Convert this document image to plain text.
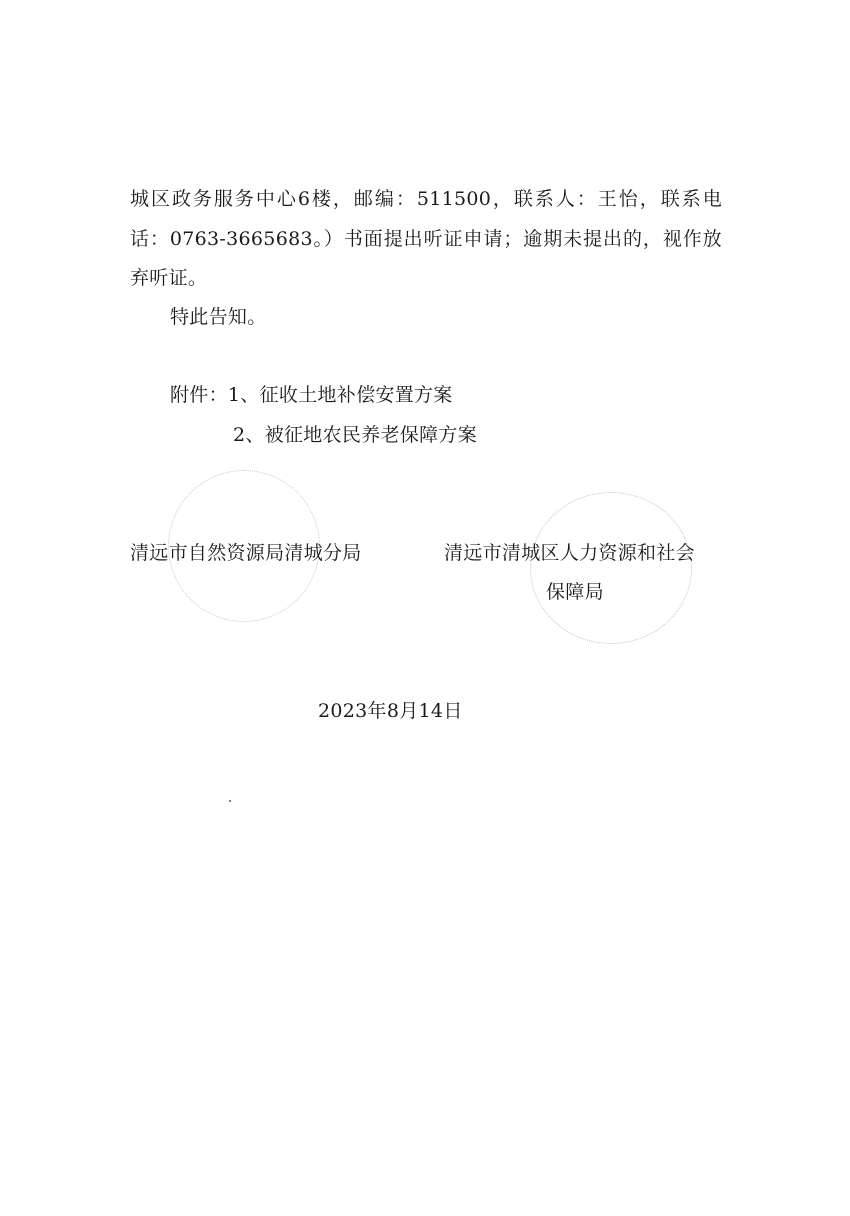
城区政务服务中心6楼，邮编：511500，联系人：王怡，联系电
话：0763-3665683。）书面提出听证申请；逾期未提出的，视作放
弃听证。
特此告知。
附件：1、征收土地补偿安置方案
2、被征地农民养老保障方案
清远市自然资源局清城分局	清远市清城区人力资源和社会
保障局
2023年8月14日
